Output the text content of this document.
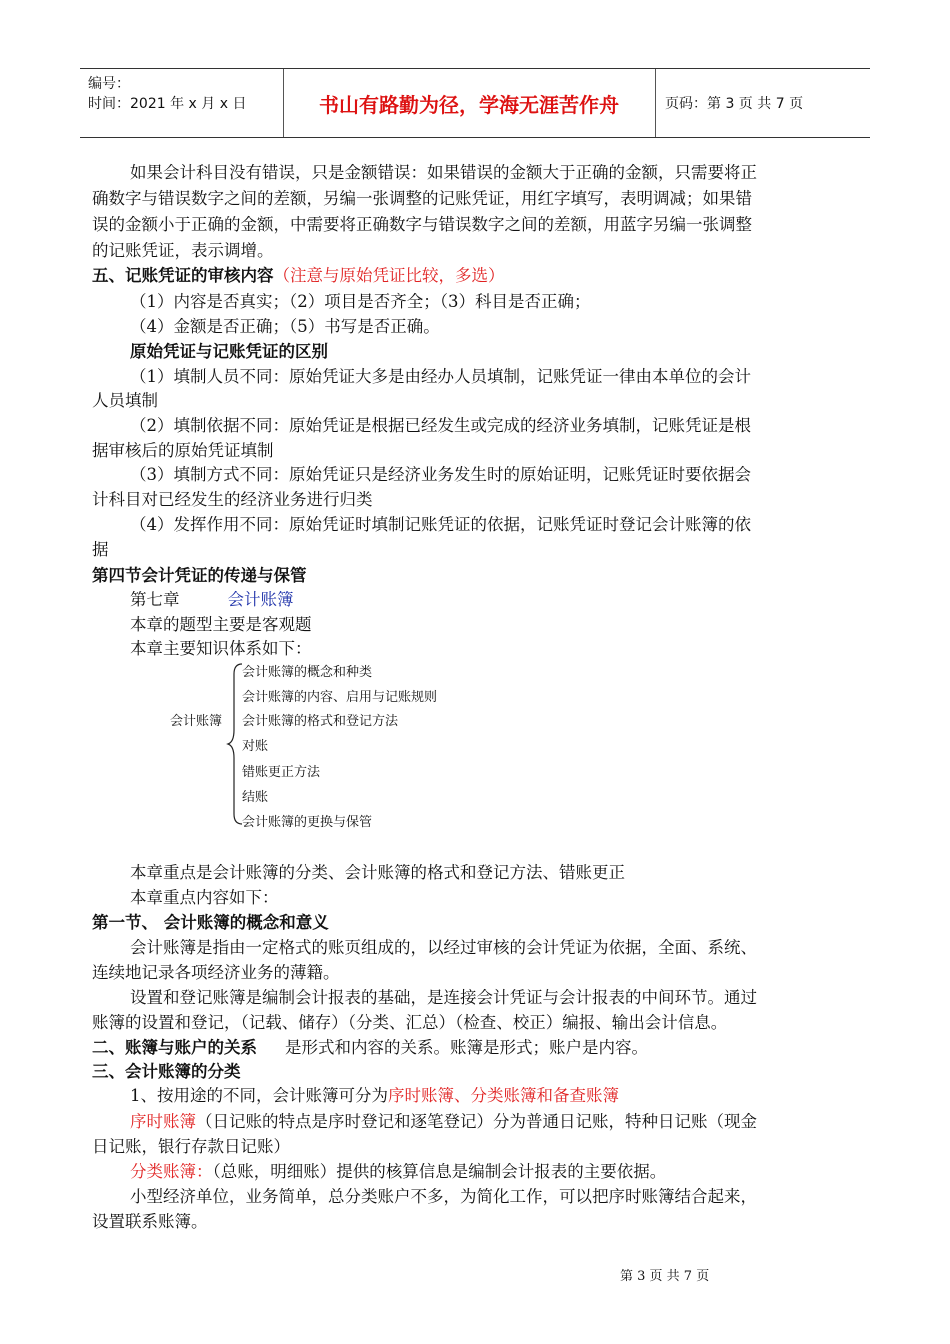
编号：
时间：2021 年 x 月 x 日	书山有路勤为径，学海无涯苦作舟	页码：第 3 页 共 7 页
如果会计科目没有错误，只是金额错误：如果错误的金额大于正确的金额，只需要将正
确数字与错误数字之间的差额，另编一张调整的记账凭证，用红字填写，表明调减；如果错
误的金额小于正确的金额，中需要将正确数字与错误数字之间的差额，用蓝字另编一张调整
的记账凭证，表示调增。
五、记账凭证的审核内容（注意与原始凭证比较，多选）
（1）内容是否真实；（2）项目是否齐全；（3）科目是否正确；
（4）金额是否正确；（5）书写是否正确。
原始凭证与记账凭证的区别
（1）填制人员不同：原始凭证大多是由经办人员填制，记账凭证一律由本单位的会计
人员填制
（2）填制依据不同：原始凭证是根据已经发生或完成的经济业务填制，记账凭证是根
据审核后的原始凭证填制
（3）填制方式不同：原始凭证只是经济业务发生时的原始证明，记账凭证时要依据会
计科目对已经发生的经济业务进行归类
（4）发挥作用不同：原始凭证时填制记账凭证的依据，记账凭证时登记会计账簿的依
据
第四节会计凭证的传递与保管
第七章	会计账簿
本章的题型主要是客观题
本章主要知识体系如下：
会计账簿
会计账簿的概念和种类
会计账簿的内容、启用与记账规则
会计账簿的格式和登记方法
对账
错账更正方法
结账
会计账簿的更换与保管
本章重点是会计账簿的分类、会计账簿的格式和登记方法、错账更正
本章重点内容如下：
第一节、 会计账簿的概念和意义
会计账簿是指由一定格式的账页组成的，以经过审核的会计凭证为依据，全面、系统、
连续地记录各项经济业务的薄籍。
设置和登记账簿是编制会计报表的基础，是连接会计凭证与会计报表的中间环节。通过
账簿的设置和登记，（记载、储存）（分类、汇总）（检查、校正）编报、输出会计信息。
二、账簿与账户的关系 是形式和内容的关系。账簿是形式；账户是内容。
三、会计账簿的分类
1、按用途的不同，会计账簿可分为序时账簿、分类账簿和备查账簿
序时账簿（日记账的特点是序时登记和逐笔登记）分为普通日记账，特种日记账（现金
日记账，银行存款日记账）
分类账簿：（总账，明细账）提供的核算信息是编制会计报表的主要依据。
小型经济单位，业务简单，总分类账户不多，为简化工作，可以把序时账簿结合起来，
设置联系账簿。
第 3 页 共 7 页
